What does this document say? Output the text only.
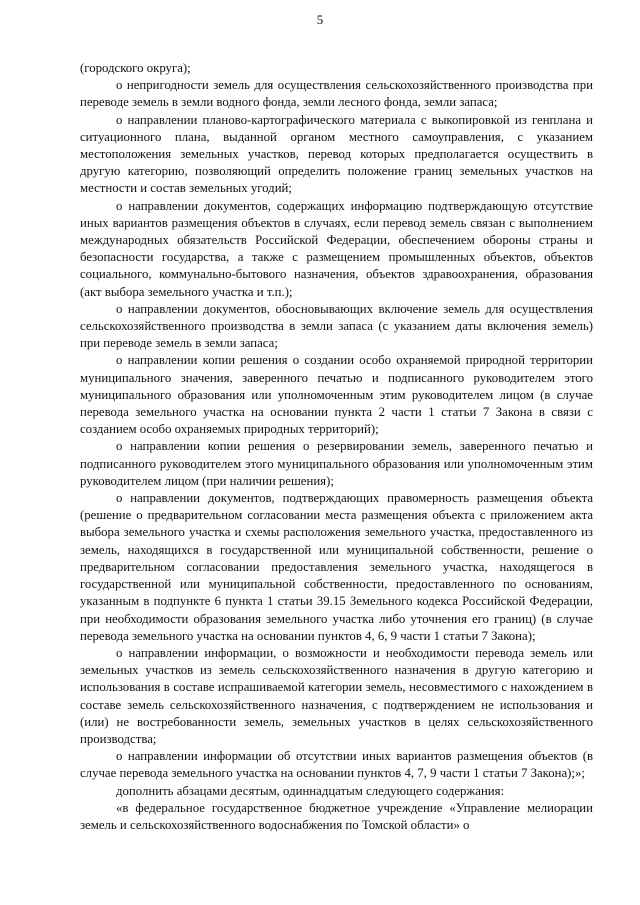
5

(городского округа);

о непригодности земель для осуществления сельскохозяйственного производства при переводе земель в земли водного фонда, земли лесного фонда, земли запаса;

о направлении планово-картографического материала с выкопировкой из генплана и ситуационного плана, выданной органом местного самоуправления, с указанием местоположения земельных участков, перевод которых предполагается осуществить в другую категорию, позволяющий определить положение границ земельных участков на местности и состав земельных угодий;

о направлении документов, содержащих информацию подтверждающую отсутствие иных вариантов размещения объектов в случаях, если перевод земель связан с выполнением международных обязательств Российской Федерации, обеспечением обороны страны и безопасности государства, а также с размещением промышленных объектов, объектов социального, коммунально-бытового назначения, объектов здравоохранения, образования (акт выбора земельного участка и т.п.);

о направлении документов, обосновывающих включение земель для осуществления сельскохозяйственного производства в земли запаса (с указанием даты включения земель) при переводе земель в земли запаса;

о направлении копии решения о создании особо охраняемой природной территории муниципального значения, заверенного печатью и подписанного руководителем этого муниципального образования или уполномоченным этим руководителем лицом (в случае перевода земельного участка на основании пункта 2 части 1 статьи 7 Закона в связи с созданием особо охраняемых природных территорий);

о направлении копии решения о резервировании земель, заверенного печатью и подписанного руководителем этого муниципального образования или уполномоченным этим руководителем лицом (при наличии решения);

о направлении документов, подтверждающих правомерность размещения объекта (решение о предварительном согласовании места размещения объекта с приложением акта выбора земельного участка и схемы расположения земельного участка, предоставленного из земель, находящихся в государственной или муниципальной собственности, решение о предварительном согласовании предоставления земельного участка, находящегося в государственной или муниципальной собственности, предоставленного по основаниям, указанным в подпункте 6 пункта 1 статьи 39.15 Земельного кодекса Российской Федерации, при необходимости образования земельного участка либо уточнения его границ) (в случае перевода земельного участка на основании пунктов 4, 6, 9 части 1 статьи 7 Закона);

о направлении информации, о возможности и необходимости перевода земель или земельных участков из земель сельскохозяйственного назначения в другую категорию и использования в составе испрашиваемой категории земель, несовместимого с нахождением в составе земель сельскохозяйственного назначения, с подтверждением не использования и (или) не востребованности земель, земельных участков в целях сельскохозяйственного производства;

о направлении информации об отсутствии иных вариантов размещения объектов (в случае перевода земельного участка на основании пунктов 4, 7, 9 части 1 статьи 7 Закона);»;

дополнить абзацами десятым, одиннадцатым следующего содержания:

«в федеральное государственное бюджетное учреждение «Управление мелиорации земель и сельскохозяйственного водоснабжения по Томской области» о
